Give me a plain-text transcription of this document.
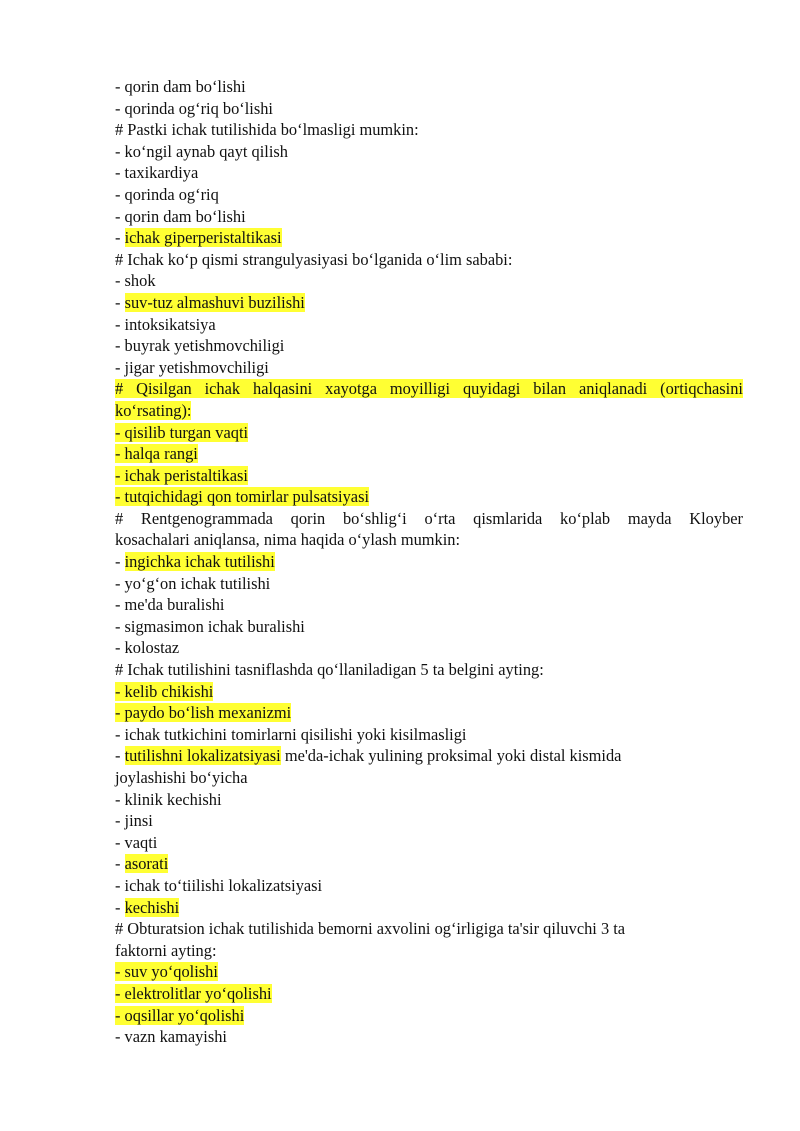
- qorin dam bo‘lishi
- qorinda og‘riq bo‘lishi
# Pastki ichak tutilishida bo‘lmasligi mumkin:
- ko‘ngil aynab qayt qilish
- taxikardiya
- qorinda og‘riq
- qorin dam bo‘lishi
- ichak giperperistaltikasi
# Ichak ko‘p qismi strangulyasiyasi bo‘lganida o‘lim sababi:
- shok
- suv-tuz almashuvi buzilishi
- intoksikatsiya
- buyrak yetishmovchiligi
- jigar yetishmovchiligi
# Qisilgan ichak halqasini xayotga moyilligi quyidagi bilan aniqlanadi (ortiqchasini
ko‘rsating):
- qisilib turgan vaqti
- halqa rangi
- ichak peristaltikasi
- tutqichidagi qon tomirlar pulsatsiyasi
# Rentgenogrammada qorin bo‘shlig‘i o‘rta qismlarida ko‘plab mayda Kloyber
kosachalari aniqlansa, nima haqida o‘ylash mumkin:
- ingichka ichak tutilishi
- yo‘g‘on ichak tutilishi
- me'da buralishi
- sigmasimon ichak buralishi
- kolostaz
# Ichak tutilishini tasniflashda qo‘llaniladigan 5 ta belgini ayting:
- kelib chikishi
- paydo bo‘lish mexanizmi
- ichak tutkichini tomirlarni qisilishi yoki kisilmasligi
- tutilishni lokalizatsiyasi me'da-ichak yulining proksimal yoki distal kismida
joylashishi bo‘yicha
- klinik kechishi
- jinsi
- vaqti
- asorati
- ichak to‘tiilishi lokalizatsiyasi
- kechishi
# Obturatsion ichak tutilishida bemorni axvolini og‘irligiga ta'sir qiluvchi 3 ta
faktorni ayting:
- suv yo‘qolishi
- elektrolitlar yo‘qolishi
- oqsillar yo‘qolishi
- vazn kamayishi
